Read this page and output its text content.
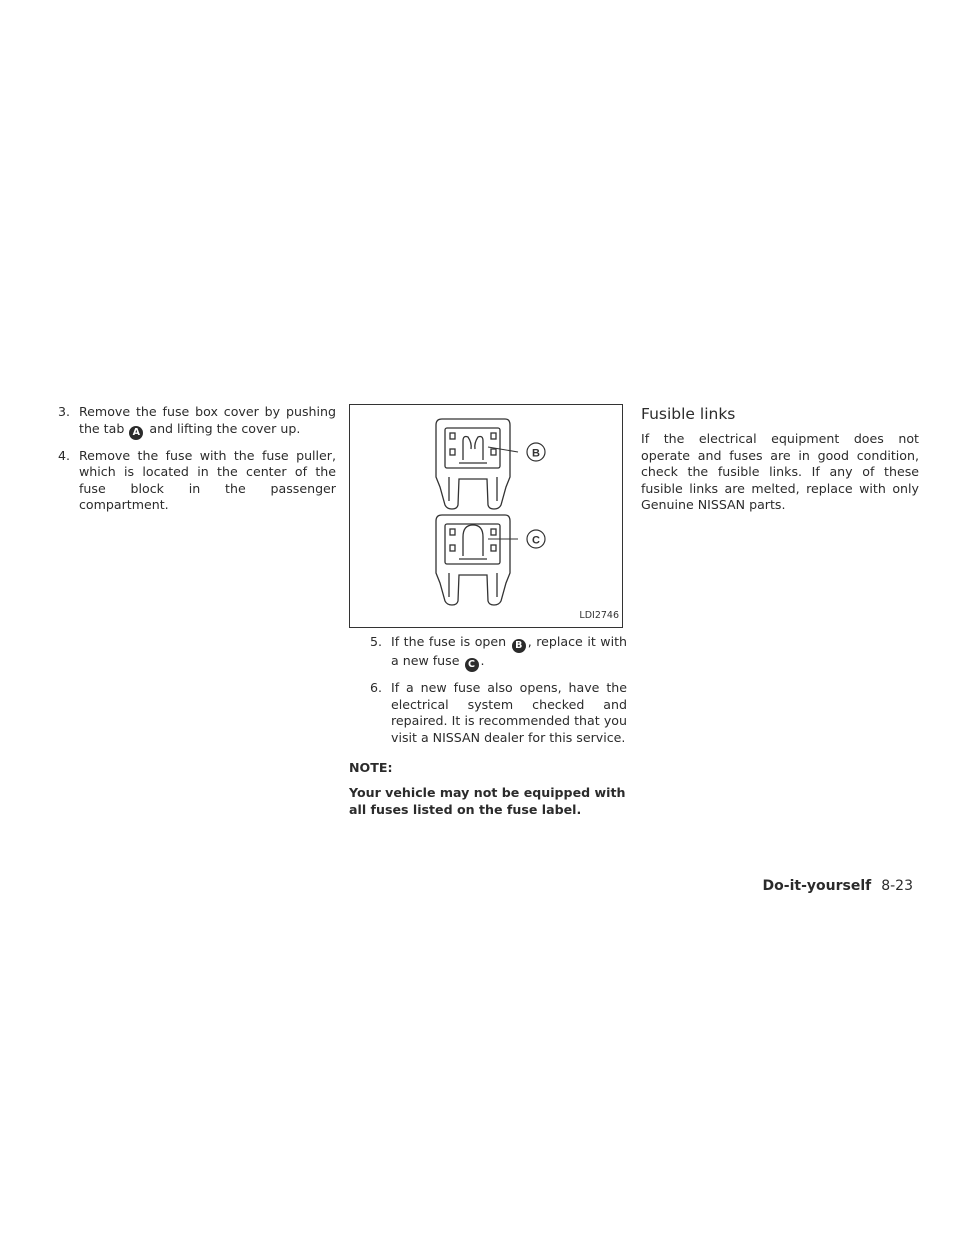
3. Remove the fuse box cover by pushing the tab A and lifting the cover up.

4. Remove the fuse with the fuse puller, which is located in the center of the fuse block in the passenger compartment.

B
C
LDI2746

5. If the fuse is open B , replace it with a new fuse C .

6. If a new fuse also opens, have the electrical system checked and repaired. It is recommended that you visit a NISSAN dealer for this service.

NOTE:

Your vehicle may not be equipped with all fuses listed on the fuse label.

Fusible links

If the electrical equipment does not operate and fuses are in good condition, check the fusible links. If any of these fusible links are melted, replace with only Genuine NISSAN parts.

Do-it-yourself 8-23
